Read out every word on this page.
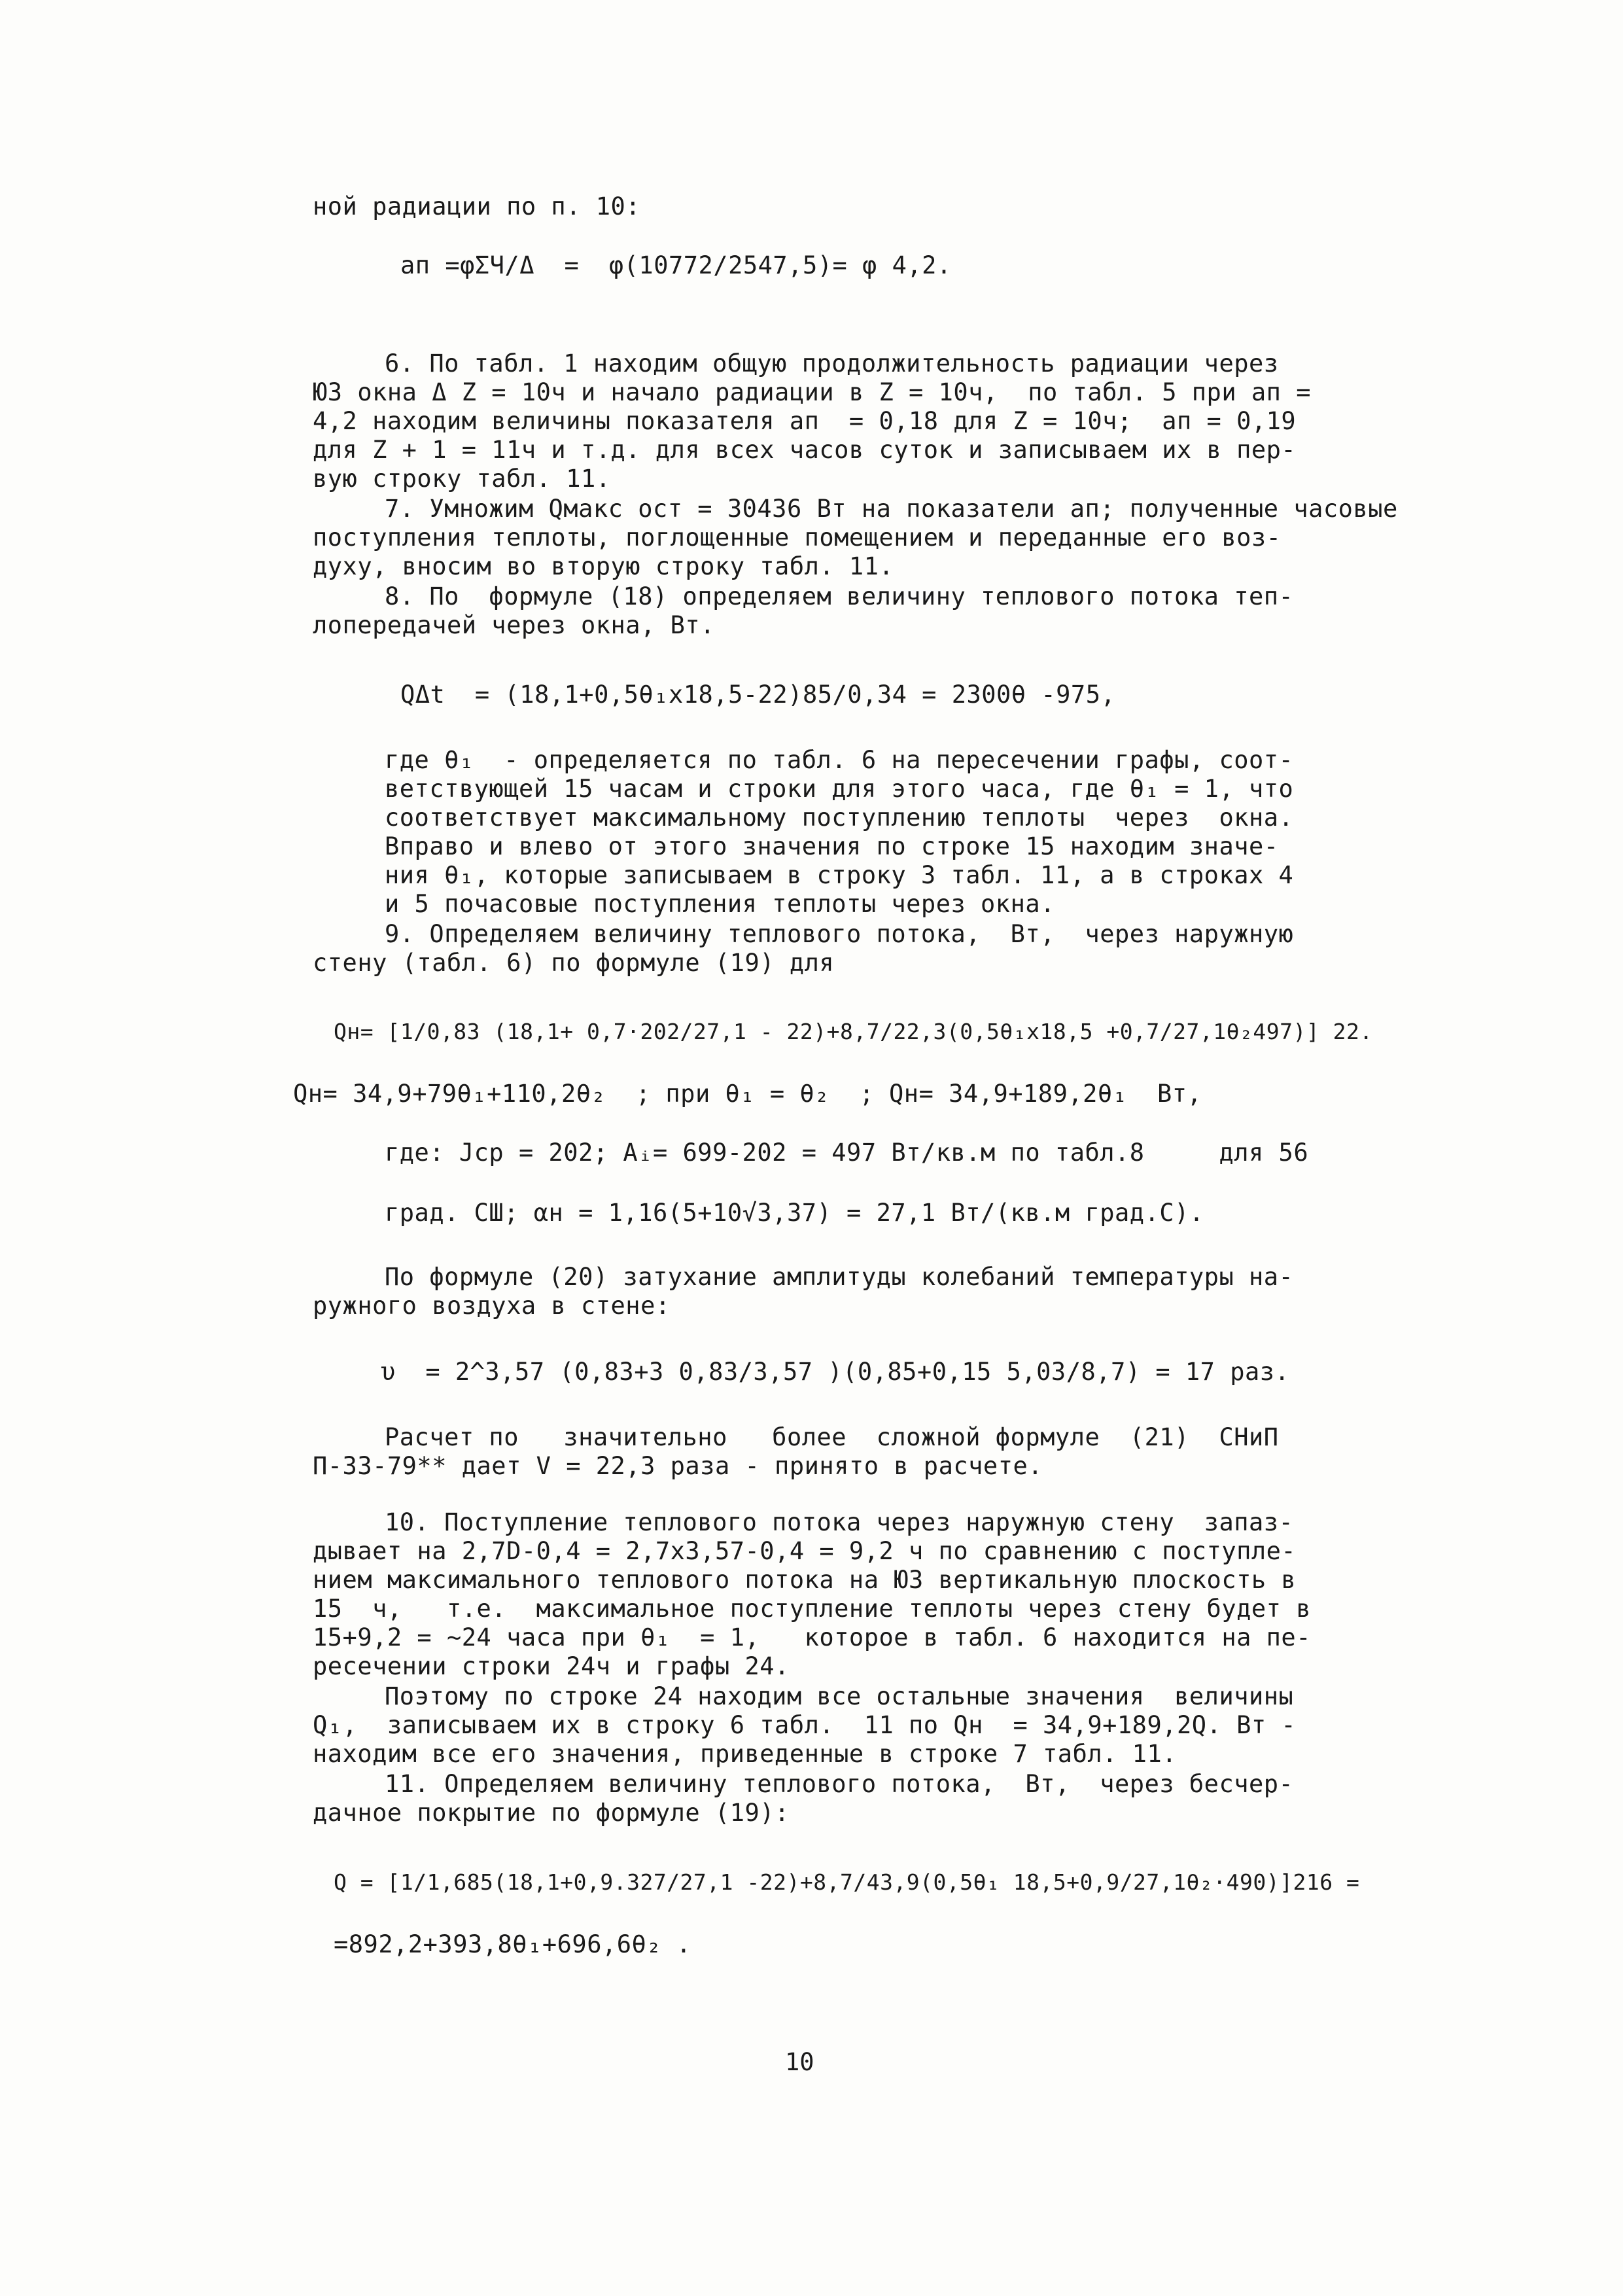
ной радиации по п. 10:
aп =φΣЧ/Δ  =  φ(10772/2547,5)= φ 4,2.
6. По табл. 1 находим общую продолжительность радиации через
ЮЗ окна Δ Z = 10ч и начало радиации в Z = 10ч,  по табл. 5 при aп =
4,2 находим величины показателя aп  = 0,18 для Z = 10ч;  aп = 0,19
для Z + 1 = 11ч и т.д. для всех часов суток и записываем их в пер-
вую строку табл. 11.
7. Умножим Qмакс ост = 30436 Вт на показатели aп; полученные часовые
поступления теплоты, поглощенные помещением и переданные его воз-
духу, вносим во вторую строку табл. 11.
8. По  формуле (18) определяем величину теплового потока теп-
лопередачей через окна, Вт.
QΔt  = (18,1+0,5θ₁x18,5-22)85/0,34 = 2300θ -975,
где θ₁  - определяется по табл. 6 на пересечении графы, соот-
ветствующей 15 часам и строки для этого часа, где θ₁ = 1, что
соответствует максимальному поступлению теплоты  через  окна.
Вправо и влево от этого значения по строке 15 находим значе-
ния θ₁, которые записываем в строку 3 табл. 11, а в строках 4
и 5 почасовые поступления теплоты через окна.
9. Определяем величину теплового потока,  Вт,  через наружную
стену (табл. 6) по формуле (19) для
Qн= [1/0,83 (18,1+ 0,7·202/27,1 - 22)+8,7/22,3(0,5θ₁x18,5 +0,7/27,1θ₂497)] 22.
Qн= 34,9+79θ₁+110,2θ₂  ; при θ₁ = θ₂  ; Qн= 34,9+189,2θ₁  Вт,
где: Jср = 202; Aᵢ= 699-202 = 497 Вт/кв.м по табл.8     для 56
град. СШ; αн = 1,16(5+10√3,37) = 27,1 Вт/(кв.м град.С).
По формуле (20) затухание амплитуды колебаний температуры на-
ружного воздуха в стене:
υ  = 2^3,57 (0,83+3 0,83/3,57 )(0,85+0,15 5,03/8,7) = 17 раз.
Расчет по   значительно   более  сложной формуле  (21)  СНиП
П-33-79** дает V = 22,3 раза - принято в расчете.
10. Поступление теплового потока через наружную стену  запаз-
дывает на 2,7D-0,4 = 2,7x3,57-0,4 = 9,2 ч по сравнению с поступле-
нием максимального теплового потока на ЮЗ вертикальную плоскость в
15  ч,   т.е.  максимальное поступление теплоты через стену будет в
15+9,2 = ~24 часа при θ₁  = 1,   которое в табл. 6 находится на пе-
ресечении строки 24ч и графы 24.
Поэтому по строке 24 находим все остальные значения  величины
Q₁,  записываем их в строку 6 табл.  11 по Qн  = 34,9+189,2Q. Вт -
находим все его значения, приведенные в строке 7 табл. 11.
11. Определяем величину теплового потока,  Вт,  через бесчер-
дачное покрытие по формуле (19):
Q = [1/1,685(18,1+0,9.327/27,1 -22)+8,7/43,9(0,5θ₁ 18,5+0,9/27,1θ₂·490)]216 =
=892,2+393,8θ₁+696,6θ₂ .
10
